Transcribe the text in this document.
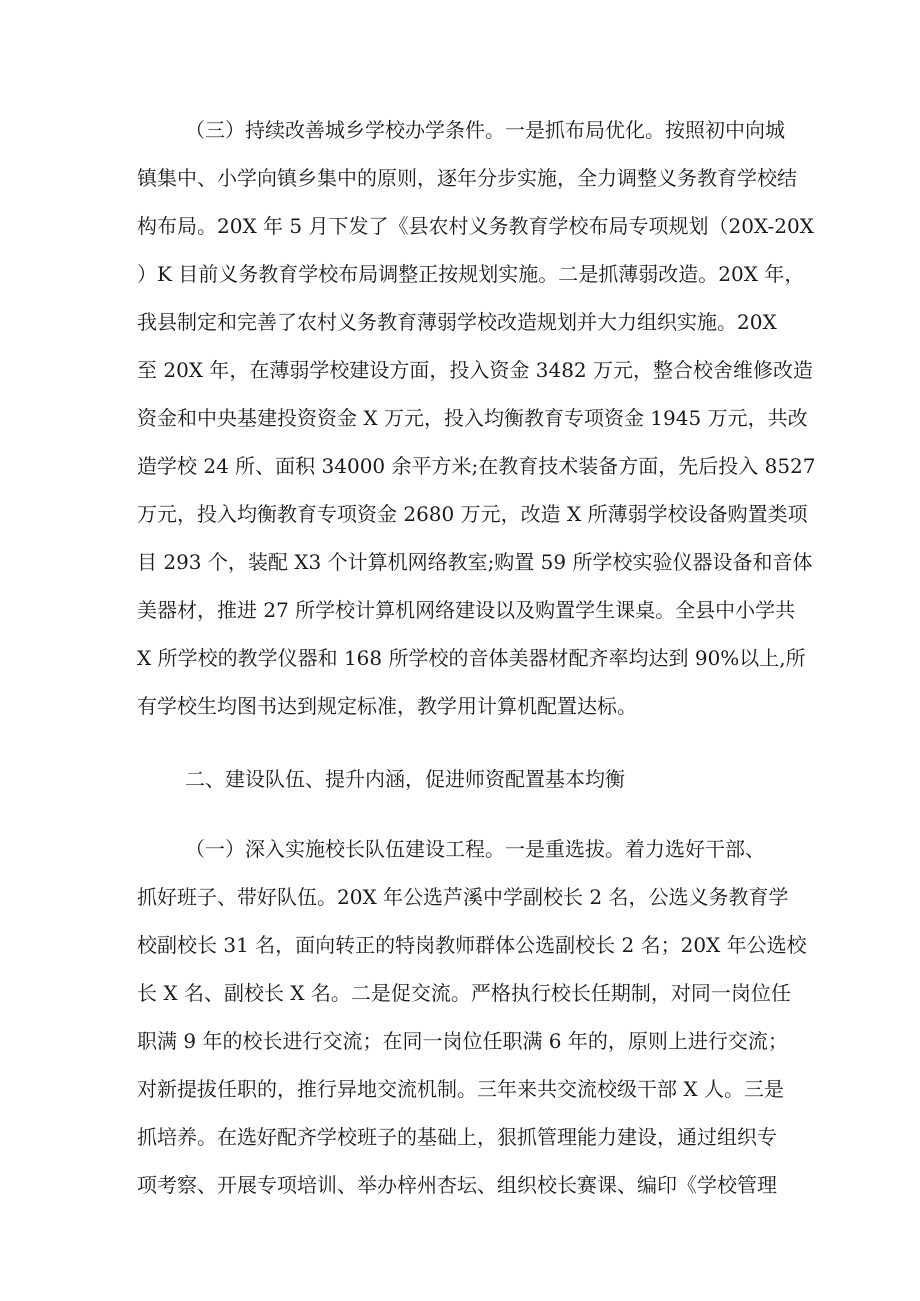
（三）持续改善城乡学校办学条件。一是抓布局优化。按照初中向城
镇集中、小学向镇乡集中的原则，逐年分步实施，全力调整义务教育学校结
构布局。20X 年 5 月下发了《县农村义务教育学校布局专项规划（20X-20X
）K 目前义务教育学校布局调整正按规划实施。二是抓薄弱改造。20X 年，
我县制定和完善了农村义务教育薄弱学校改造规划并大力组织实施。20X
至 20X 年，在薄弱学校建设方面，投入资金 3482 万元，整合校舍维修改造
资金和中央基建投资资金 X 万元，投入均衡教育专项资金 1945 万元，共改
造学校 24 所、面积 34000 余平方米;在教育技术装备方面，先后投入 8527
万元，投入均衡教育专项资金 2680 万元，改造 X 所薄弱学校设备购置类项
目 293 个，装配 X3 个计算机网络教室;购置 59 所学校实验仪器设备和音体
美器材，推进 27 所学校计算机网络建设以及购置学生课桌。全县中小学共
X 所学校的教学仪器和 168 所学校的音体美器材配齐率均达到 90%以上,所
有学校生均图书达到规定标准，教学用计算机配置达标。
二、建设队伍、提升内涵，促进师资配置基本均衡
（一）深入实施校长队伍建设工程。一是重选拔。着力选好干部、
抓好班子、带好队伍。20X 年公选芦溪中学副校长 2 名，公选义务教育学
校副校长 31 名，面向转正的特岗教师群体公选副校长 2 名；20X 年公选校
长 X 名、副校长 X 名。二是促交流。严格执行校长任期制，对同一岗位任
职满 9 年的校长进行交流；在同一岗位任职满 6 年的，原则上进行交流；
对新提拔任职的，推行异地交流机制。三年来共交流校级干部 X 人。三是
抓培养。在选好配齐学校班子的基础上，狠抓管理能力建设，通过组织专
项考察、开展专项培训、举办梓州杏坛、组织校长赛课、编印《学校管理
